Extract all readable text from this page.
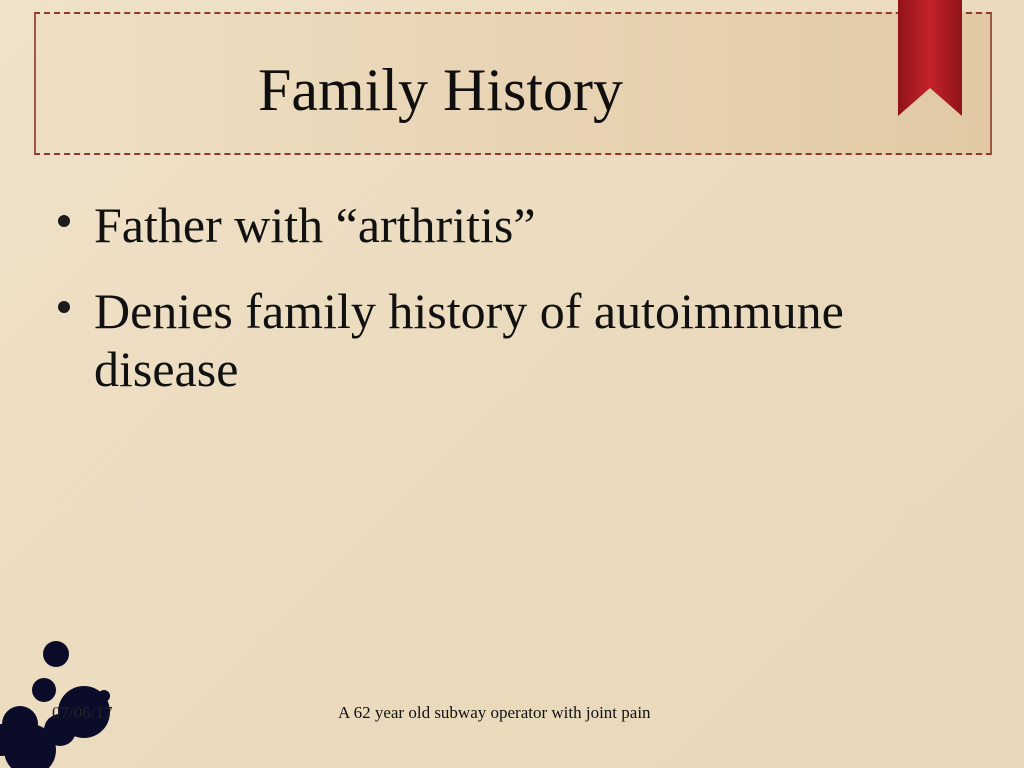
Family History
Father with “arthritis”
Denies family history of autoimmune disease
07/06/17	A 62 year old subway operator with joint pain
